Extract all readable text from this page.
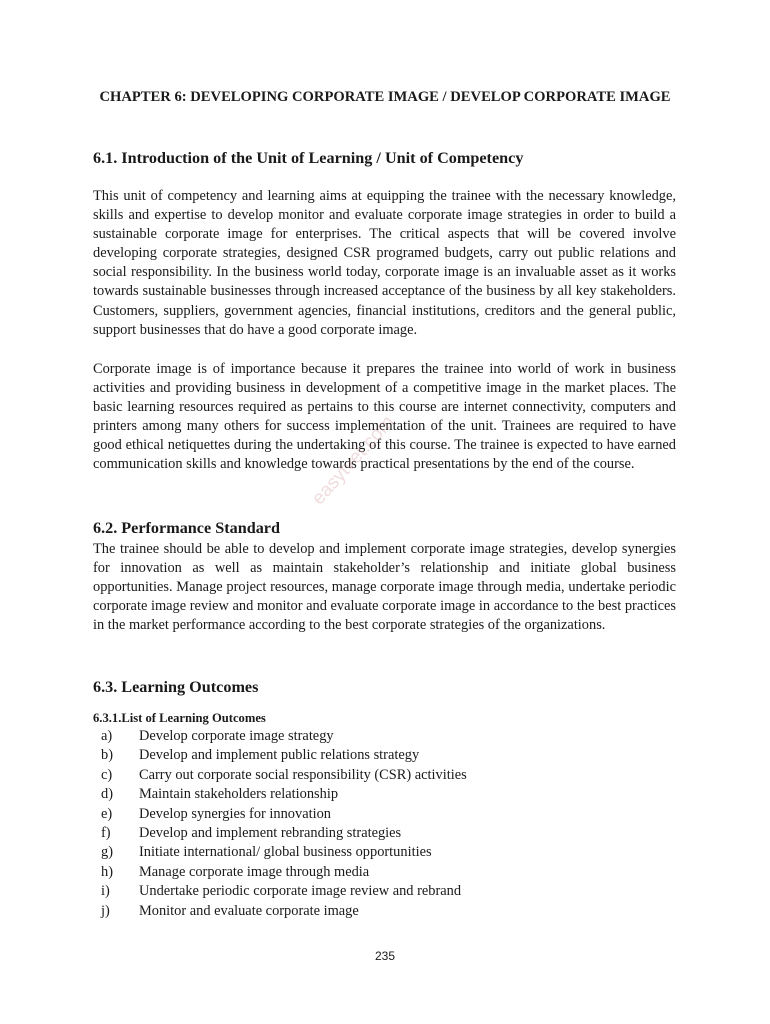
CHAPTER 6: DEVELOPING CORPORATE IMAGE / DEVELOP CORPORATE IMAGE
6.1. Introduction of the Unit of Learning / Unit of Competency

This unit of competency and learning aims at equipping the trainee with the necessary knowledge, skills and expertise to develop monitor and evaluate corporate image strategies in order to build a sustainable corporate image for enterprises. The critical aspects that will be covered involve developing corporate strategies, designed CSR programed budgets, carry out public relations and social responsibility. In the business world today, corporate image is an invaluable asset as it works towards sustainable businesses through increased acceptance of the business by all key stakeholders. Customers, suppliers, government agencies, financial institutions, creditors and the general public, support businesses that do have a good corporate image.

Corporate image is of importance because it prepares the trainee into world of work in business activities and providing business in development of a competitive image in the market places. The basic learning resources required as pertains to this course are internet connectivity, computers and printers among many others for success implementation of the unit. Trainees are required to have good ethical netiquettes during the undertaking of this course. The trainee is expected to have earned communication skills and knowledge towards practical presentations by the end of the course.

6.2. Performance Standard

The trainee should be able to develop and implement corporate image strategies, develop synergies for innovation as well as maintain stakeholder’s relationship and initiate global business opportunities. Manage project resources, manage corporate image through media, undertake periodic corporate image review and monitor and evaluate corporate image in accordance to the best practices in the market performance according to the best corporate strategies of the organizations.

6.3. Learning Outcomes
6.3.1.List of Learning Outcomes
a)	Develop corporate image strategy
b)	Develop and implement public relations strategy
c)	Carry out corporate social responsibility (CSR) activities
d)	Maintain stakeholders relationship
e)	Develop synergies for innovation
f)	Develop and implement rebranding strategies
g)	Initiate international/ global business opportunities
h)	Manage corporate image through media
i)	Undertake periodic corporate image review and rebrand
j)	Monitor and evaluate corporate image
easytvet.com
235
